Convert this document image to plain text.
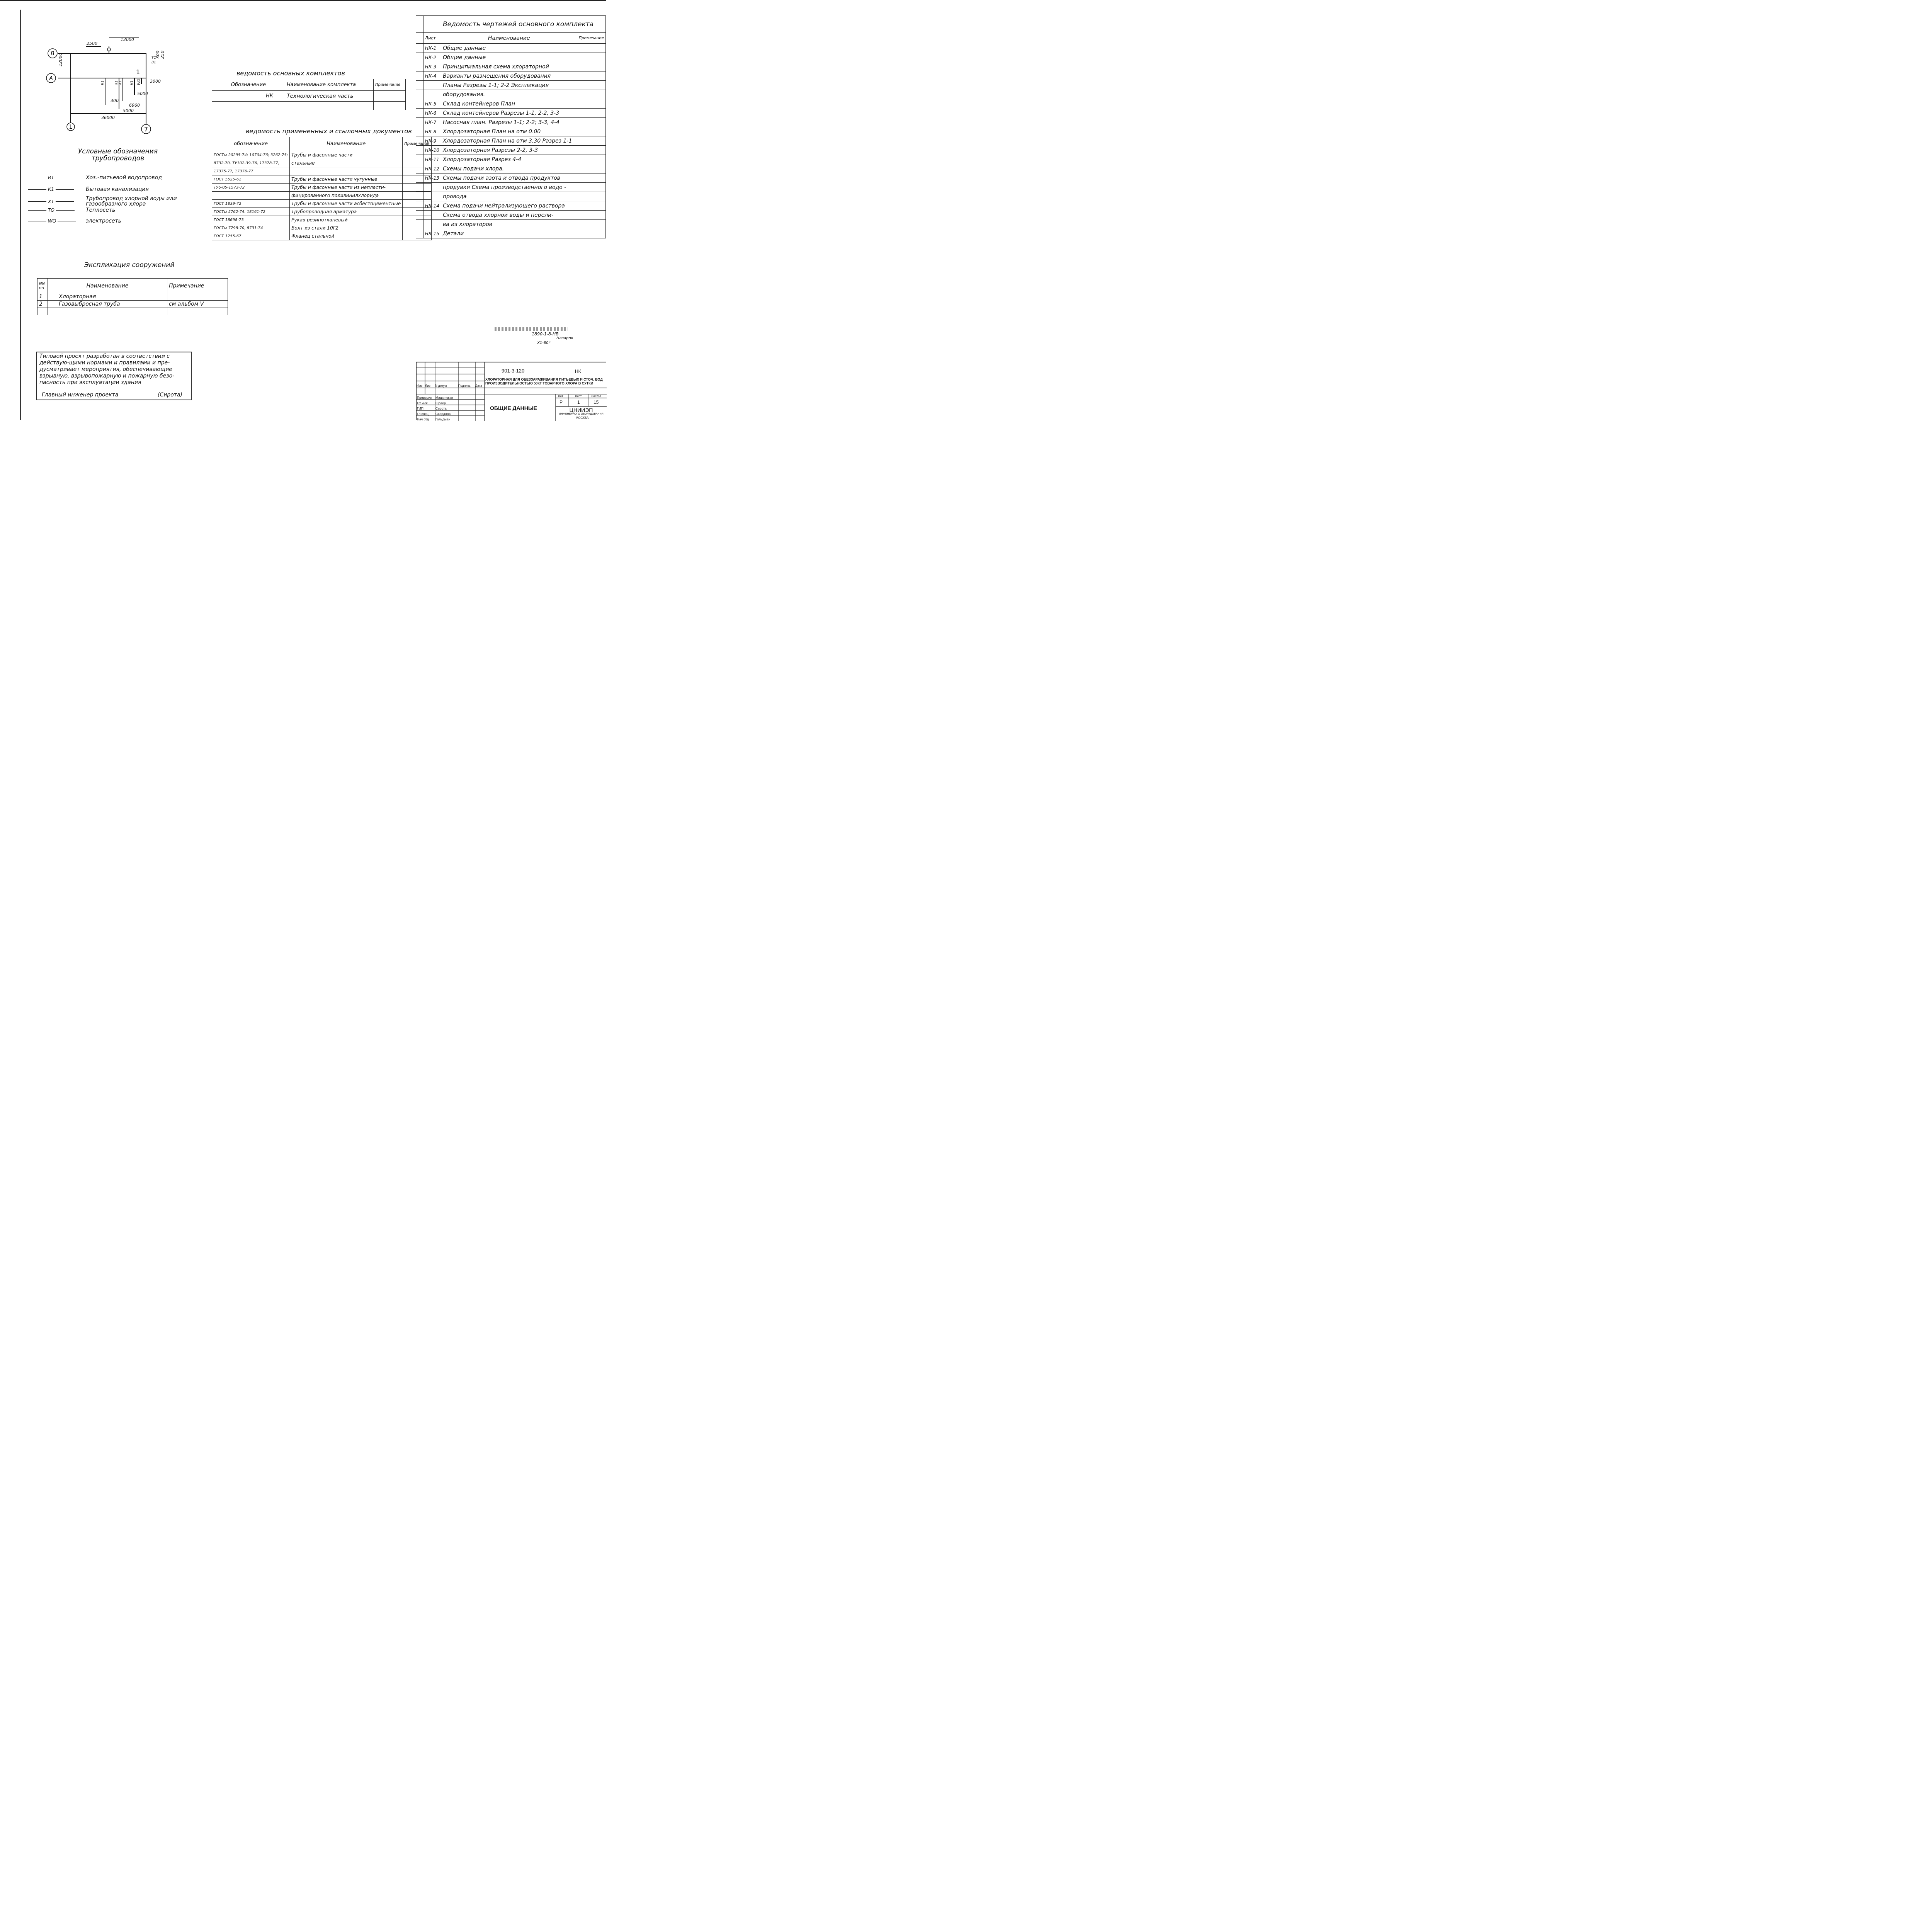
В
А
1	7
1
2500
12000
12000	300 250
3000
5000
300
6960
5000
36000
ТО
В1
К1	Х1 Х1 К1 WO
Условные обозначения
трубопроводов
В1	Хоз.-питьевой водопровод
К1	Бытовая канализация
Х1	Трубопровод хлорной воды или газообразного хлора
ТО	Теплосеть
WO	электросеть
ведомость основных комплектов
Обозначение	Наименование комплекта	Примечание
НК	Технологическая часть	

ведомость примененных и ссылочных документов
обозначение	Наименование	Примечание
ГОСТы 20295-74; 10704-76; 3262-75;	Трубы и фасонные части	
8732-70, ТУ102-39-76, 17378-77,	стальные	
17375-77, 17376-77		
ГОСТ 5525-61	Трубы и фасонные части чугунные	
ТУ6-05-1573-72	Трубы и фасонные части из непласти-	
	фицированного поливинилхлорида	
ГОСТ 1839-72	Трубы и фасонные части асбестоцементные	
ГОСТы 5762-74, 18161-72	Трубопроводная арматура	
ГОСТ 18698-73	Рукав резинотканевый	
ГОСТы 7798-70, 8731-74	Болт из стали 10Г2	
ГОСТ 1255-67	Фланец стальной	
		Ведомость чертежей основного комплекта	
	Лист	Наименование	Примечание
	НК-1	Общие данные	
	НК-2	Общие данные	
	НК-3	Принципиальная схема хлораторной	
	НК-4	Варианты размещения оборудования	
		Планы Разрезы 1-1; 2-2 Экспликация	
		оборудования.	
	НК-5	Склад контейнеров План	
	НК-6	Склад контейнеров Разрезы 1-1, 2-2, 3-3	
	НК-7	Насосная план. Разрезы 1-1; 2-2; 3-3, 4-4	
	НК-8	Хлордозаторная План на отм 0.00	
	НК-9	Хлордозаторная План на отм 3.30 Разрез 1-1	
	НК-10	Хлордозаторная Разрезы 2-2, 3-3	
	НК-11	Хлордозаторная Разрез 4-4	
	НК-12	Схемы подачи хлора.	
	НК-13	Схемы подачи азота и отвода продуктов	
		продувки Схема производственного водо -	
		провода	
	НК-14	Схема подачи нейтрализующего раствора	
		Схема отвода хлорной воды и перели-	
		ва из хлораторов	
	НК-15	Детали	
Экспликация сооружений
NN пп	Наименование	Примечание
1	Хлораторная	
2	Газовыбросная труба	см альбом V

Типовой проект разработан в соответствии с действую-щими нормами и правилами и пре-дусматривает мероприятия, обеспечивающие взрывную, взрывопожарную и пожарную безо-пасность при эксплуатации здания
Главный инженер проекта	(Сирота)
1890-1-8-НВ
Назаров
Х1-80г
901-3-120	НК
ХЛОРАТОРНАЯ ДЛЯ ОБЕЗЗАРАЖИВАНИЯ ПИТЬЕВЫХ И СТОЧ. ВОД ПРОИЗВОДИТЕЛЬНОСТЬЮ 50КГ ТОВАРНОГО ХЛОРА В СУТКИ
Изм Лист	N докум	Подпись	Дата
Проверил	Машинская
Ст инж	Шраер
ГИП	Сирота
Гл спец	Свердлов
Нач отд	Гольдман
ОБЩИЕ ДАННЫЕ
Лит	Лист	Листов
Р	1	15
ЦНИИЭП
ИНЖЕНЕРНОГО ОБОРУДОВАНИЯ
г МОСКВА
